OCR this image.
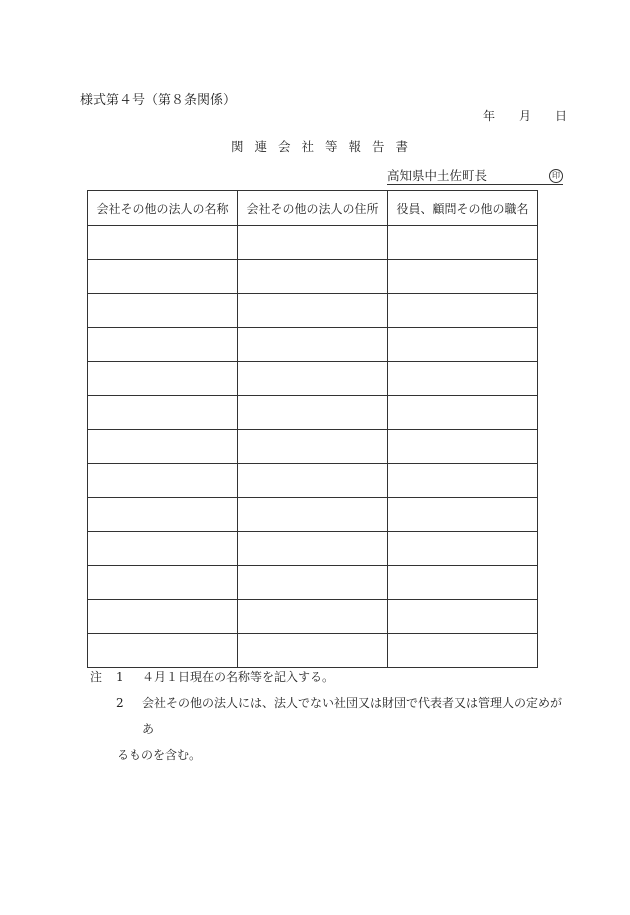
様式第４号（第８条関係）
年 月 日
関 連 会 社 等 報 告 書
高知県中土佐町長	印
会社その他の法人の名称	会社その他の法人の住所	役員、顧問その他の職名

注 1 ４月１日現在の名称等を記入する。
2 会社その他の法人には、法人でない社団又は財団で代表者又は管理人の定めがあ
るものを含む。
